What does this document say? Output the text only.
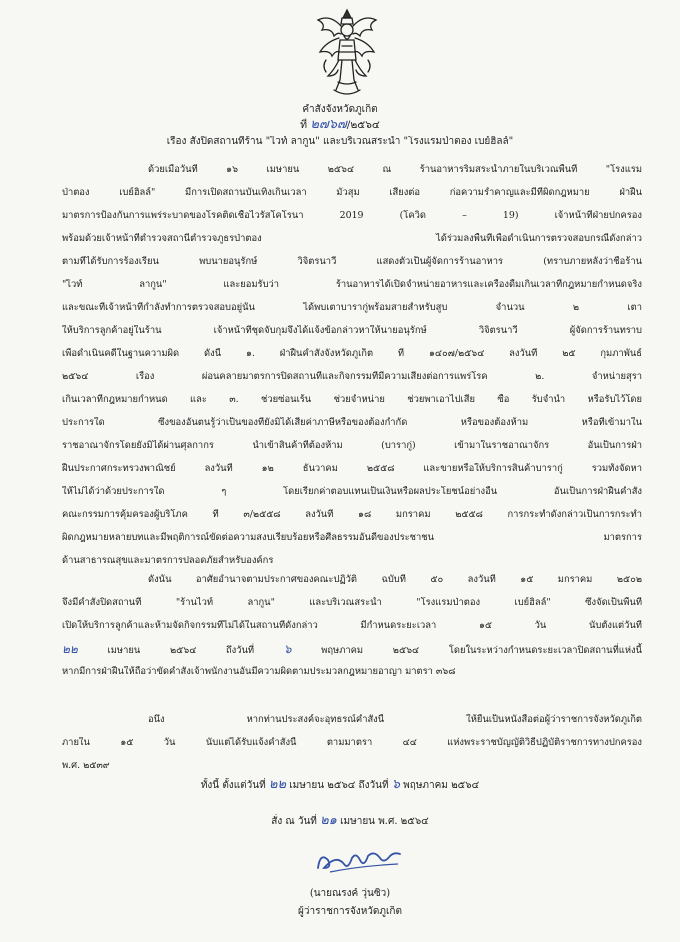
คำสั่งจังหวัดภูเก็ต
ที่ ๒๗๖๗/๒๕๖๔
เรื่อง สั่งปิดสถานที่ร้าน "ไวท์ ลากูน" และบริเวณสระน้ำ "โรงแรมป่าตอง เบย์ฮิลล์"
ด้วยเมื่อวันที่ ๑๖ เมษายน ๒๕๖๔ ณ ร้านอาหารริมสระน้ำภายในบริเวณพื้นที่ "โรงแรม
ป่าตอง เบย์ฮิลล์" มีการเปิดสถานบันเทิงเกินเวลา มั่วสุม เสี่ยงต่อ ก่อความรำคาญและมีที่ผิดกฎหมาย ฝ่าฝืน
มาตรการป้องกันการแพร่ระบาดของโรคติดเชื้อไวรัสโคโรนา 2019 (โควิด – 19) เจ้าหน้าที่ฝ่ายปกครอง
พร้อมด้วยเจ้าหน้าที่ตำรวจสถานีตำรวจภูธรป่าตอง ได้ร่วมลงพื้นที่เพื่อดำเนินการตรวจสอบกรณีดังกล่าว
ตามที่ได้รับการร้องเรียน พบนายอนุรักษ์ วิจิตรนาวี แสดงตัวเป็นผู้จัดการร้านอาหาร (ทราบภายหลังว่าชื่อร้าน
"ไวท์ ลากูน" และยอมรับว่า ร้านอาหารได้เปิดจำหน่ายอาหารและเครื่องดื่มเกินเวลาที่กฎหมายกำหนดจริง
และขณะที่เจ้าหน้าที่กำลังทำการตรวจสอบอยู่นั้น ได้พบเตาบารากู่พร้อมสายสำหรับสูบ จำนวน ๒ เตา
ให้บริการลูกค้าอยู่ในร้าน เจ้าหน้าที่ชุดจับกุมจึงได้แจ้งข้อกล่าวหาให้นายอนุรักษ์ วิจิตรนาวี ผู้จัดการร้านทราบ
เพื่อดำเนินคดีในฐานความผิด ดังนี้ ๑. ฝ่าฝืนคำสั่งจังหวัดภูเก็ต ที่ ๑๔๐๗/๒๕๖๔ ลงวันที่ ๒๕ กุมภาพันธ์
๒๕๖๔ เรื่อง ผ่อนคลายมาตรการปิดสถานที่และกิจกรรมที่มีความเสี่ยงต่อการแพร่โรค ๒. จำหน่ายสุรา
เกินเวลาที่กฎหมายกำหนด และ ๓. ช่วยซ่อนเร้น ช่วยจำหน่าย ช่วยพาเอาไปเสีย ซื้อ รับจำนำ หรือรับไว้โดย
ประการใด ซึ่งของอันตนรู้ว่าเป็นของที่ยังมิได้เสียค่าภาษีหรือของต้องกำกัด หรือของต้องห้าม หรือที่เข้ามาใน
ราชอาณาจักรโดยยังมิได้ผ่านศุลกากร นำเข้าสินค้าที่ต้องห้าม (บารากู่) เข้ามาในราชอาณาจักร อันเป็นการฝ่า
ฝืนประกาศกระทรวงพาณิชย์ ลงวันที่ ๑๒ ธันวาคม ๒๕๕๘ และขายหรือให้บริการสินค้าบารากู่ รวมทั้งจัดหา
ให้ไม่ได้ว่าด้วยประการใด ๆ โดยเรียกค่าตอบแทนเป็นเงินหรือผลประโยชน์อย่างอื่น อันเป็นการฝ่าฝืนคำสั่ง
คณะกรรมการคุ้มครองผู้บริโภค ที่ ๓/๒๕๕๘ ลงวันที่ ๑๘ มกราคม ๒๕๕๘ การกระทำดังกล่าวเป็นการกระทำ
ผิดกฎหมายหลายบทและมีพฤติการณ์ขัดต่อความสงบเรียบร้อยหรือศีลธรรมอันดีของประชาชน มาตรการ
ด้านสาธารณสุขและมาตรการปลอดภัยสำหรับองค์กร
ดังนั้น อาศัยอำนาจตามประกาศของคณะปฏิวัติ ฉบับที่ ๕๐ ลงวันที่ ๑๕ มกราคม ๒๕๐๒
จึงมีคำสั่งปิดสถานที่ "ร้านไวท์ ลากูน" และบริเวณสระน้ำ "โรงแรมป่าตอง เบย์ฮิลล์" ซึ่งจัดเป็นพื้นที่
เปิดให้บริการลูกค้าและห้ามจัดกิจกรรมที่ไม่ได้ในสถานที่ดังกล่าว มีกำหนดระยะเวลา ๑๕ วัน นับตั้งแต่วันที่
๒๒ เมษายน ๒๕๖๔ ถึงวันที่ ๖ พฤษภาคม ๒๕๖๔ โดยในระหว่างกำหนดระยะเวลาปิดสถานที่แห่งนี้
หากมีการฝ่าฝืนให้ถือว่าขัดคำสั่งเจ้าพนักงานอันมีความผิดตามประมวลกฎหมายอาญา มาตรา ๓๖๘
อนึ่ง หากท่านประสงค์จะอุทธรณ์คำสั่งนี้ ให้ยื่นเป็นหนังสือต่อผู้ว่าราชการจังหวัดภูเก็ต
ภายใน ๑๕ วัน นับแต่ได้รับแจ้งคำสั่งนี้ ตามมาตรา ๔๔ แห่งพระราชบัญญัติวิธีปฏิบัติราชการทางปกครอง
พ.ศ. ๒๕๓๙
ทั้งนี้ ตั้งแต่วันที่ ๒๒ เมษายน ๒๕๖๔ ถึงวันที่ ๖ พฤษภาคม ๒๕๖๔
สั่ง ณ วันที่ ๒๑ เมษายน พ.ศ. ๒๕๖๔
(นายณรงค์ วุ่นซิ้ว)
ผู้ว่าราชการจังหวัดภูเก็ต
